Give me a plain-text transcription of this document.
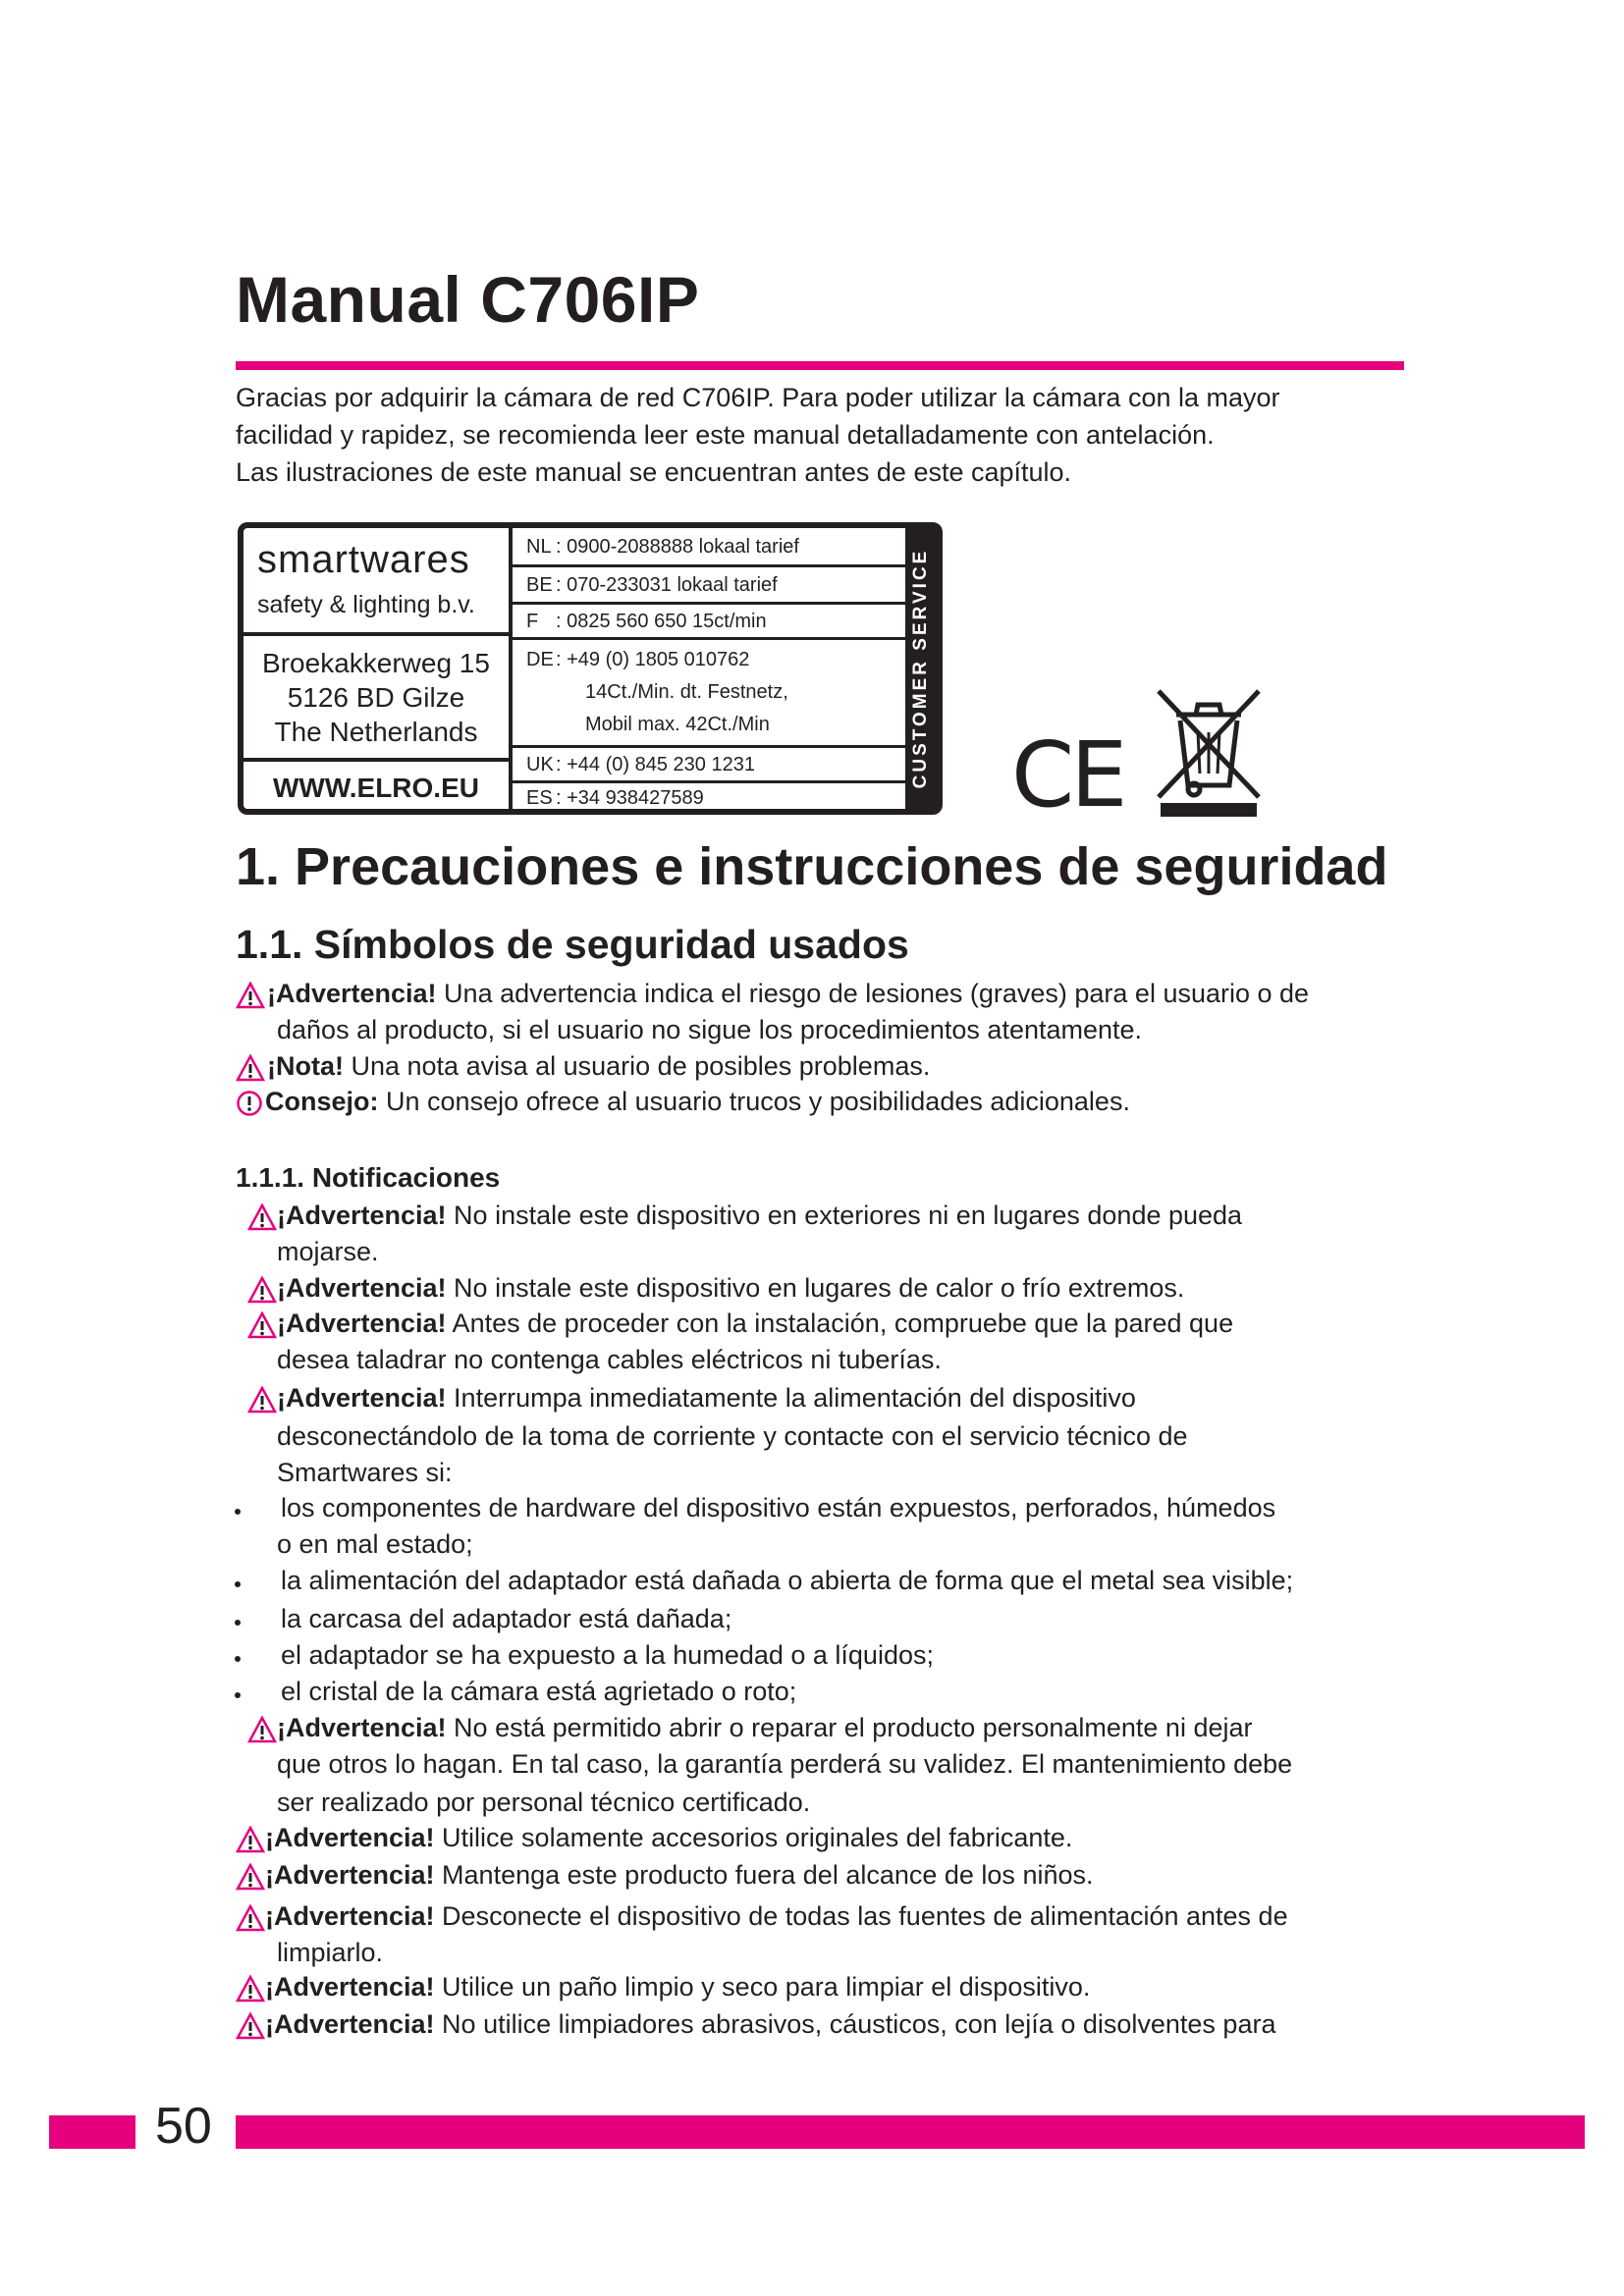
Manual C706IP

Gracias por adquirir la cámara de red C706IP. Para poder utilizar la cámara con la mayor

facilidad y rapidez, se recomienda leer este manual detalladamente con antelación.

Las ilustraciones de este manual se encuentran antes de este capítulo.

smartwares
safety & lighting b.v.
Broekakkerweg 15
5126 BD Gilze
The Netherlands
WWW.ELRO.EU
NL : 0900-2088888 lokaal tarief
BE : 070-233031 lokaal tarief
F : 0825 560 650 15ct/min
DE : +49 (0) 1805 010762
14Ct./Min. dt. Festnetz,
Mobil max. 42Ct./Min
UK : +44 (0) 845 230 1231
ES : +34 938427589
CUSTOMER SERVICE CE
1. Precauciones e instrucciones de seguridad
1.1. Símbolos de seguridad usados
¡Advertencia! Una advertencia indica el riesgo de lesiones (graves) para el usuario o de
daños al producto, si el usuario no sigue los procedimientos atentamente.
¡Nota! Una nota avisa al usuario de posibles problemas.
Consejo: Un consejo ofrece al usuario trucos y posibilidades adicionales.
1.1.1. Notificaciones
¡Advertencia! No instale este dispositivo en exteriores ni en lugares donde pueda
mojarse.
¡Advertencia! No instale este dispositivo en lugares de calor o frío extremos.
¡Advertencia! Antes de proceder con la instalación, compruebe que la pared que
desea taladrar no contenga cables eléctricos ni tuberías.
¡Advertencia! Interrumpa inmediatamente la alimentación del dispositivo
desconectándolo de la toma de corriente y contacte con el servicio técnico de
Smartwares si:
los componentes de hardware del dispositivo están expuestos, perforados, húmedos
o en mal estado;
la alimentación del adaptador está dañada o abierta de forma que el metal sea visible;
la carcasa del adaptador está dañada;
el adaptador se ha expuesto a la humedad o a líquidos;
el cristal de la cámara está agrietado o roto;
¡Advertencia! No está permitido abrir o reparar el producto personalmente ni dejar
que otros lo hagan. En tal caso, la garantía perderá su validez. El mantenimiento debe
ser realizado por personal técnico certificado.
¡Advertencia! Utilice solamente accesorios originales del fabricante.
¡Advertencia! Mantenga este producto fuera del alcance de los niños.
¡Advertencia! Desconecte el dispositivo de todas las fuentes de alimentación antes de
limpiarlo.
¡Advertencia! Utilice un paño limpio y seco para limpiar el dispositivo.
¡Advertencia! No utilice limpiadores abrasivos, cáusticos, con lejía o disolventes para
50
